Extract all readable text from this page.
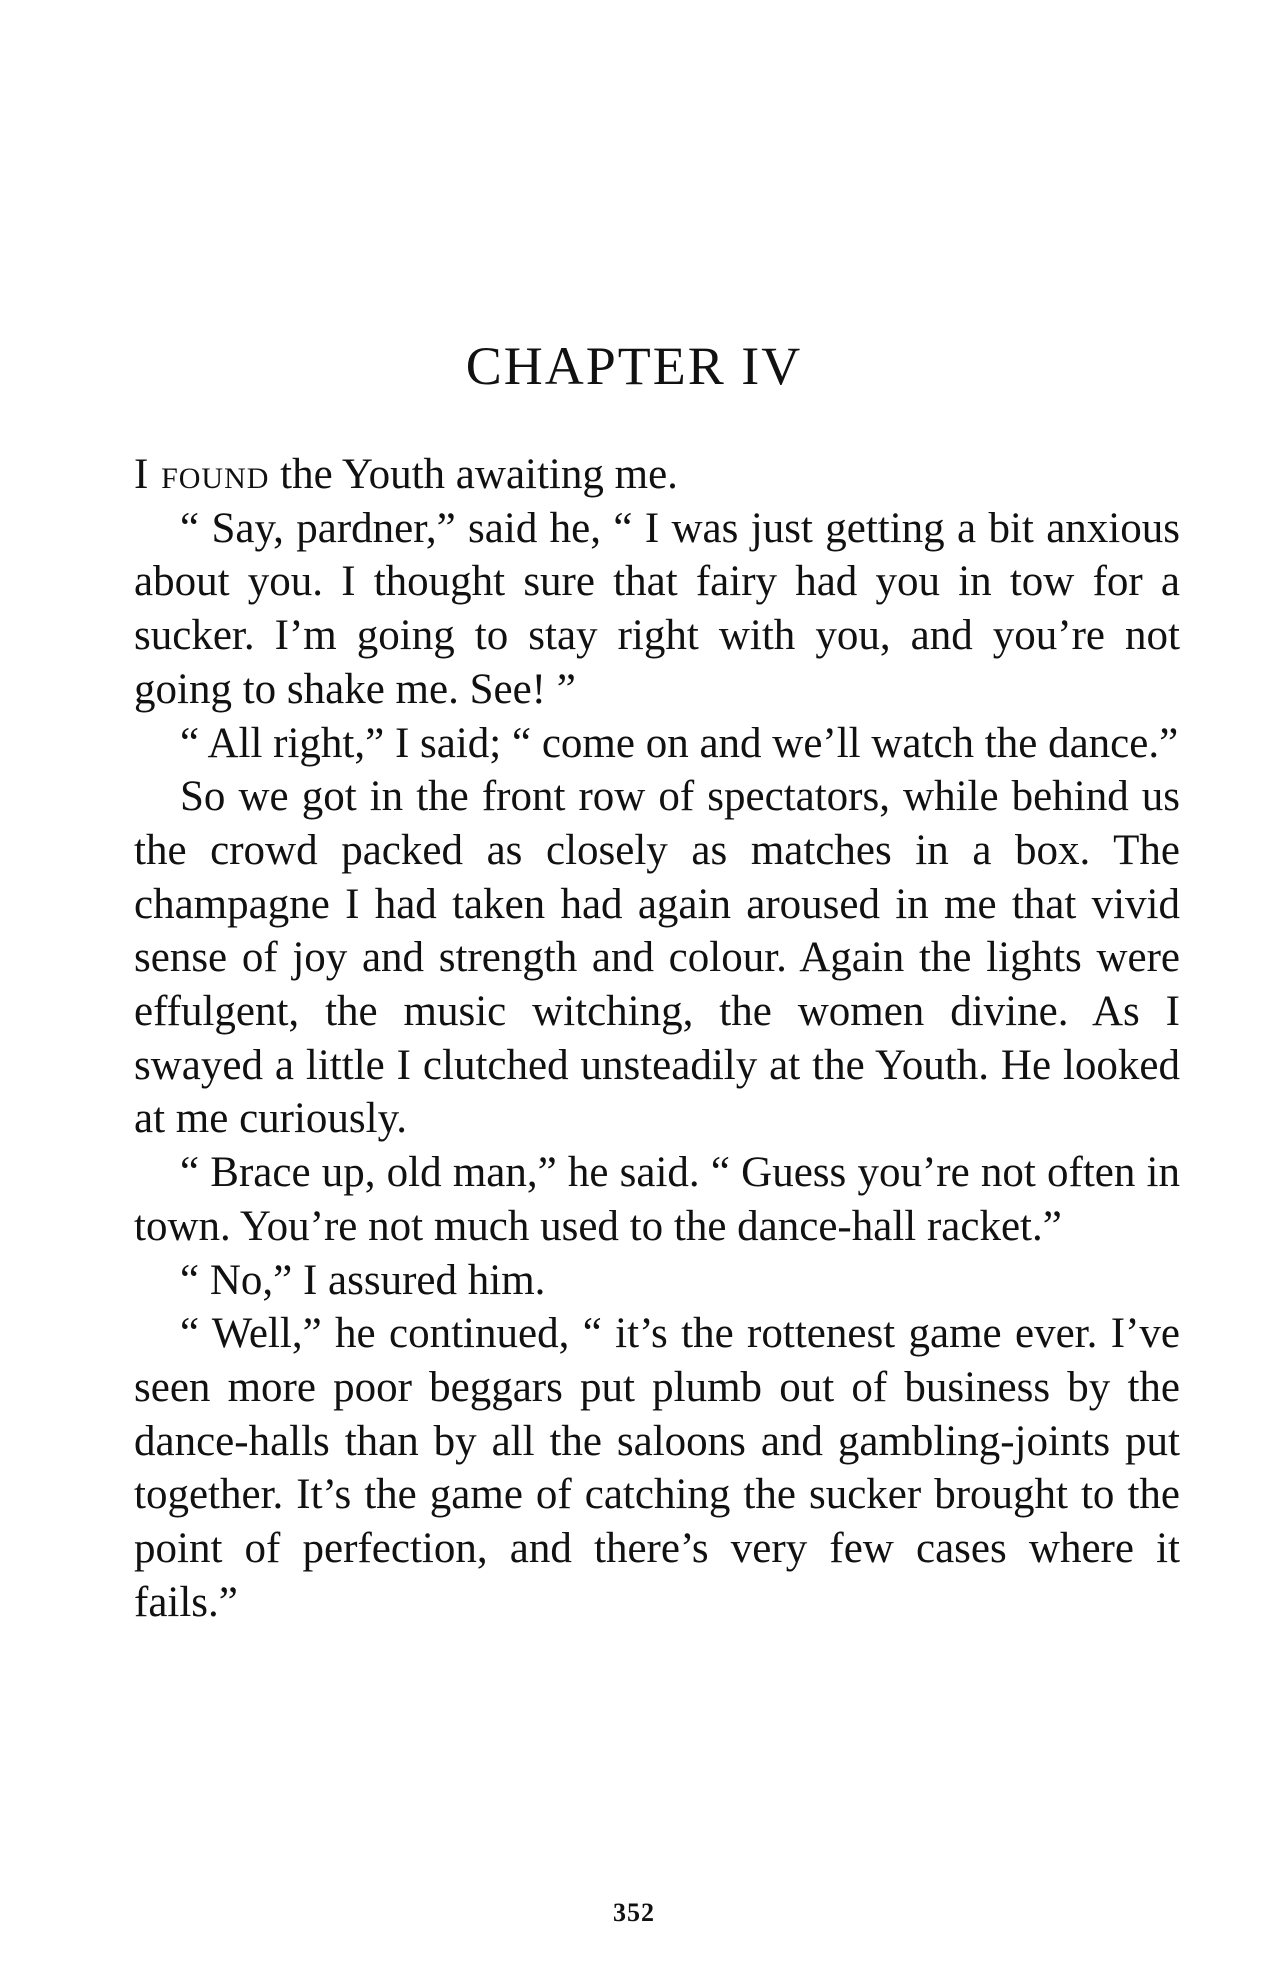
CHAPTER IV

I found the Youth awaiting me.

“ Say, pardner,” said he, “ I was just getting a bit anxious about you. I thought sure that fairy had you in tow for a sucker. I’m going to stay right with you, and you’re not going to shake me. See! ”

“ All right,” I said; “ come on and we’ll watch the dance.”

So we got in the front row of spectators, while behind us the crowd packed as closely as matches in a box. The champagne I had taken had again aroused in me that vivid sense of joy and strength and colour. Again the lights were effulgent, the music witching, the women divine. As I swayed a little I clutched unsteadily at the Youth. He looked at me curiously.

“ Brace up, old man,” he said. “ Guess you’re not often in town. You’re not much used to the dance-hall racket.”

“ No,” I assured him.

“ Well,” he continued, “ it’s the rottenest game ever. I’ve seen more poor beggars put plumb out of business by the dance-halls than by all the saloons and gambling-joints put together. It’s the game of catching the sucker brought to the point of perfection, and there’s very few cases where it fails.”

352
